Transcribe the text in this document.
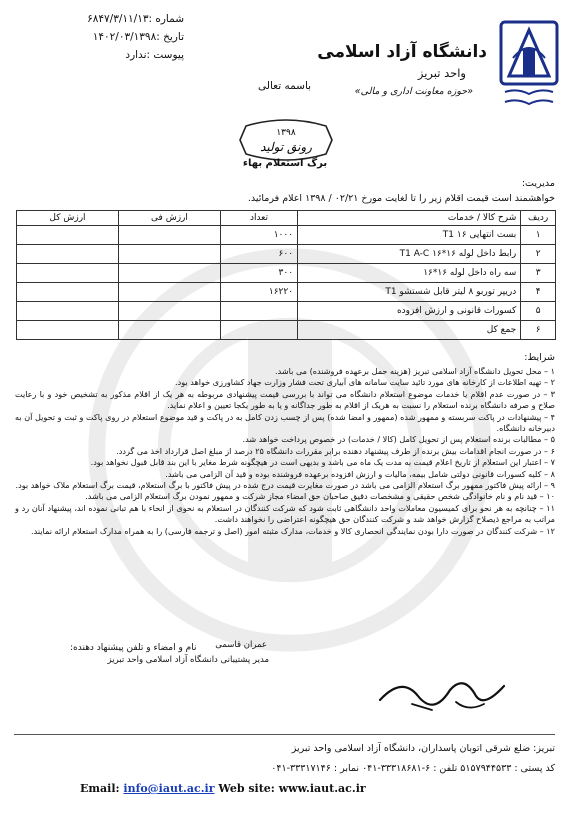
شماره :۶۸۴۷/۳/۱۱/۱۳
تاریخ :۱۴۰۲/۰۳/۱۳۹۸
پیوست :ندارد	دانشگاه آزاد اسلامی
واحد تبریز
«حوزه معاونت اداری و مالی»
باسمه تعالی
۱۳۹۸
رونق تولید
برگ استعلام بهاء
مدیریت:
خواهشمند است قیمت اقلام زیر را تا لغایت مورخ ۰۲/۲۱ / ۱۳۹۸ اعلام فرمائید.
ردیف	شرح کالا / خدمات	تعداد	ارزش فی	ارزش کل
۱	بست انتهایی ۱۶ T1	۱۰۰۰		
۲	رابط داخل لوله ۱۶*۱۶ T1 A-C	۶۰۰		
۳	سه راه داخل لوله ۱۶*۱۶	۳۰۰		
۴	دریپر توربو ۸ لیتر قابل شستشو T1	۱۶۲۲۰		
۵	کسورات قانونی و ارزش افزوده			
۶	جمع کل			
شرایط:

۱ – محل تحویل دانشگاه آزاد اسلامی تبریز (هزینه حمل برعهده فروشنده) می باشد.

۲ – تهیه اطلاعات از کارخانه های مورد تائید سایت سامانه های آبیاری تحت فشار وزارت جهاد کشاورزی خواهد بود.

۳ – در صورت عدم اقلام یا خدمات موضوع استعلام دانشگاه می تواند با بررسی قیمت پیشنهادی مربوطه به هر یک از اقلام مذکور به تشخیص خود و با رعایت صلاح و صرفه دانشگاه برنده استعلام را نسبت به هریک از اقلام به طور جداگانه و یا به طور یکجا تعیین و اعلام نماید.

۴ – پیشنهادات در پاکت سربسته و ممهور شده (ممهور و امضا شده) پس از چسب زدن کامل به در پاکت و قید موضوع استعلام در روی پاکت و ثبت و تحویل آن به دبیرخانه دانشگاه.

۵ – مطالبات برنده استعلام پس از تحویل کامل (کالا / خدمات) در خصوص پرداخت خواهد شد.

۶ – در صورت انجام اقدامات بیش برنده از طرف پیشنهاد دهنده برابر مقررات دانشگاه ۲۵ درصد از مبلغ اصل قرارداد اخذ می گردد.

۷ – اعتبار این استعلام از تاریخ اعلام قیمت به مدت یک ماه می باشد و بدیهی است در هیچگونه شرط مغایر با این بند قابل قبول نخواهد بود.

۸ – کلیه کسورات قانونی دولتی شامل بیمه، مالیات و ارزش افزوده برعهده فروشنده بوده و قید آن الزامی می باشد.

۹ – ارائه پیش فاکتور ممهور برگ استعلام الزامی می باشد در صورت مغایرت قیمت درج شده در پیش فاکتور با برگ استعلام، قیمت برگ استعلام ملاک خواهد بود.

۱۰ – قید نام و نام خانوادگی شخص حقیقی و مشخصات دقیق صاحبان حق امضاء مجاز شرکت و ممهور نمودن برگ استعلام الزامی می باشد.

۱۱ – چنانچه به هر نحو برای کمیسیون معاملات واحد دانشگاهی ثابت شود که شرکت کنندگان در استعلام به نحوی از انحاء با هم تبانی نموده اند، پیشنهاد آنان رد و مراتب به مراجع ذیصلاح گزارش خواهد شد و شرکت کنندگان حق هیچگونه اعتراضی را نخواهند داشت.

۱۲ – شرکت کنندگان در صورت دارا بودن نمایندگی انحصاری کالا و خدمات، مدارک مثبته امور (اصل و ترجمه فارسی) را به همراه مدارک استعلام ارائه نمایند.

نام و امضاء و تلفن پیشنهاد دهنده: عمران قاسمی
مدیر پشتیبانی دانشگاه آزاد اسلامی واحد تبریز
تبریز: ضلع شرقی اتوبان پاسداران، دانشگاه آزاد اسلامی واحد تبریز
کد پستی : ۵۱۵۷۹۴۴۵۳۳ تلفن : ۶-۳۳۳۱۸۶۸۱-۰۴۱ نمابر : ۳۳۳۱۷۱۴۶-۰۴۱
Email: info@iaut.ac.ir Web site: www.iaut.ac.ir
